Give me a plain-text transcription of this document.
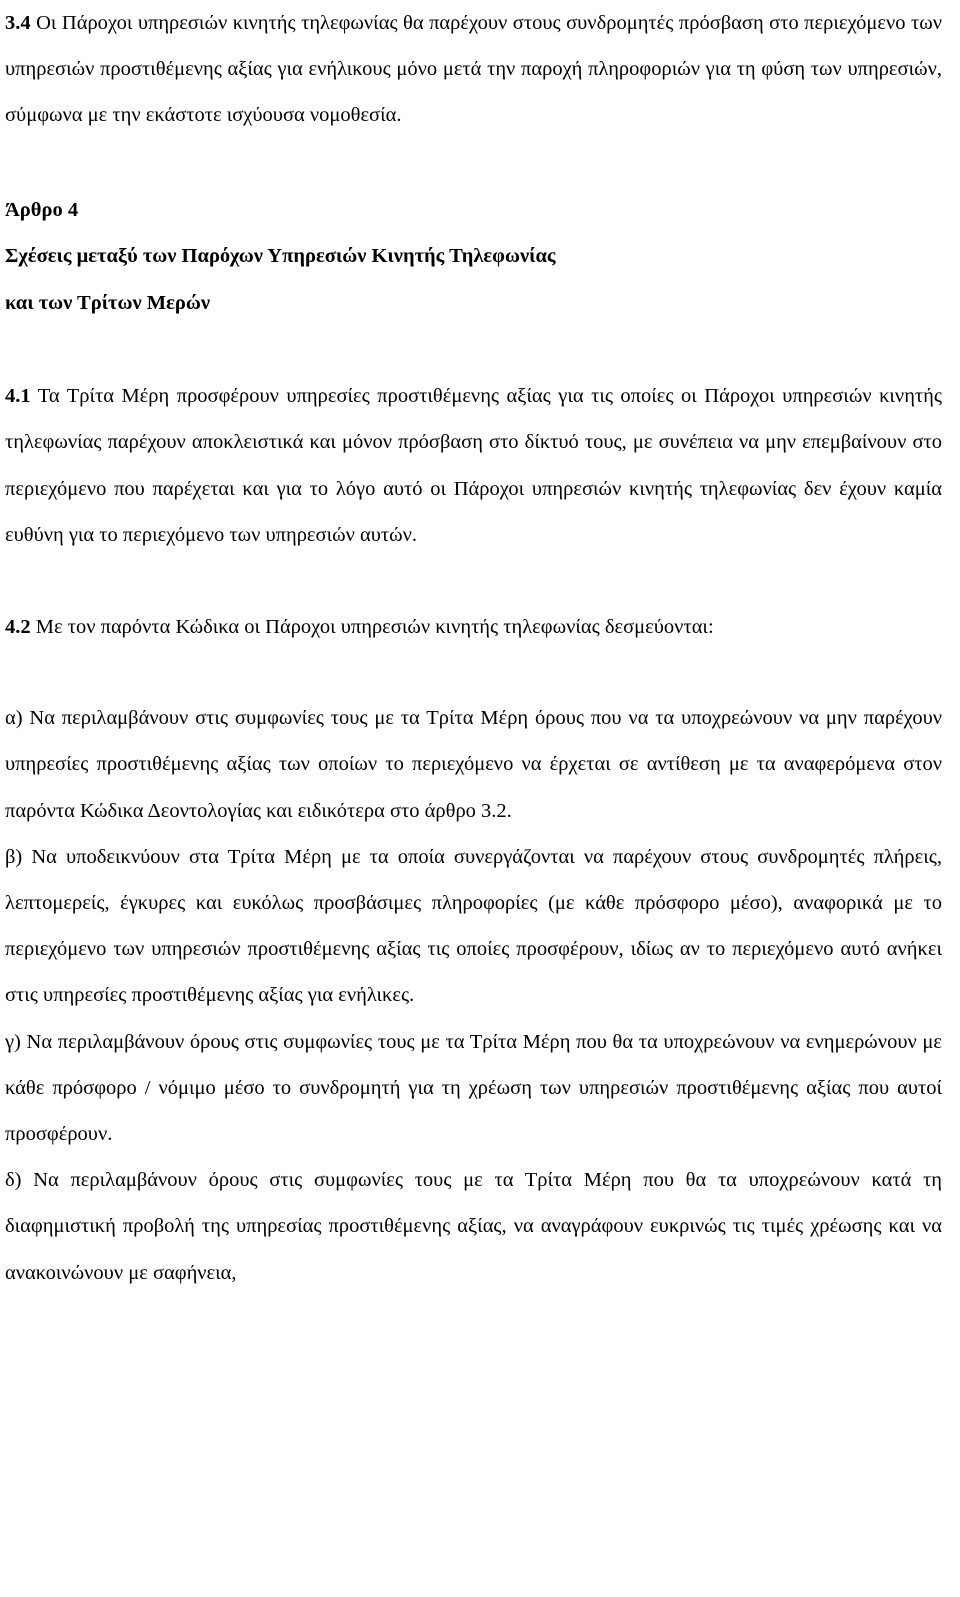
3.4 Οι Πάροχοι υπηρεσιών κινητής τηλεφωνίας θα παρέχουν στους συνδρομητές πρόσβαση στο περιεχόμενο των υπηρεσιών προστιθέμενης αξίας για ενήλικους μόνο μετά την παροχή πληροφοριών για τη φύση των υπηρεσιών, σύμφωνα με την εκάστοτε ισχύουσα νομοθεσία.

Άρθρο 4

Σχέσεις μεταξύ των Παρόχων Υπηρεσιών Κινητής Τηλεφωνίας

και των Τρίτων Μερών

4.1 Τα Τρίτα Μέρη προσφέρουν υπηρεσίες προστιθέμενης αξίας για τις οποίες οι Πάροχοι υπηρεσιών κινητής τηλεφωνίας παρέχουν αποκλειστικά και μόνον πρόσβαση στο δίκτυό τους, με συνέπεια να μην επεμβαίνουν στο περιεχόμενο που παρέχεται και για το λόγο αυτό οι Πάροχοι υπηρεσιών κινητής τηλεφωνίας δεν έχουν καμία ευθύνη για το περιεχόμενο των υπηρεσιών αυτών.

4.2 Με τον παρόντα Κώδικα οι Πάροχοι υπηρεσιών κινητής τηλεφωνίας δεσμεύονται:

α) Να περιλαμβάνουν στις συμφωνίες τους με τα Τρίτα Μέρη όρους που να τα υποχρεώνουν να μην παρέχουν υπηρεσίες προστιθέμενης αξίας των οποίων το περιεχόμενο να έρχεται σε αντίθεση με τα αναφερόμενα στον παρόντα Κώδικα Δεοντολογίας και ειδικότερα στο άρθρο 3.2.

β) Να υποδεικνύουν στα Τρίτα Μέρη με τα οποία συνεργάζονται να παρέχουν στους συνδρομητές πλήρεις, λεπτομερείς, έγκυρες και ευκόλως προσβάσιμες πληροφορίες (με κάθε πρόσφορο μέσο), αναφορικά με το περιεχόμενο των υπηρεσιών προστιθέμενης αξίας τις οποίες προσφέρουν, ιδίως αν το περιεχόμενο αυτό ανήκει στις υπηρεσίες προστιθέμενης αξίας για ενήλικες.

γ) Να περιλαμβάνουν όρους στις συμφωνίες τους με τα Τρίτα Μέρη που θα τα υποχρεώνουν να ενημερώνουν με κάθε πρόσφορο / νόμιμο μέσο το συνδρομητή για τη χρέωση των υπηρεσιών προστιθέμενης αξίας που αυτοί προσφέρουν.

δ) Να περιλαμβάνουν όρους στις συμφωνίες τους με τα Τρίτα Μέρη που θα τα υποχρεώνουν κατά τη διαφημιστική προβολή της υπηρεσίας προστιθέμενης αξίας, να αναγράφουν ευκρινώς τις τιμές χρέωσης και να ανακοινώνουν με σαφήνεια,
